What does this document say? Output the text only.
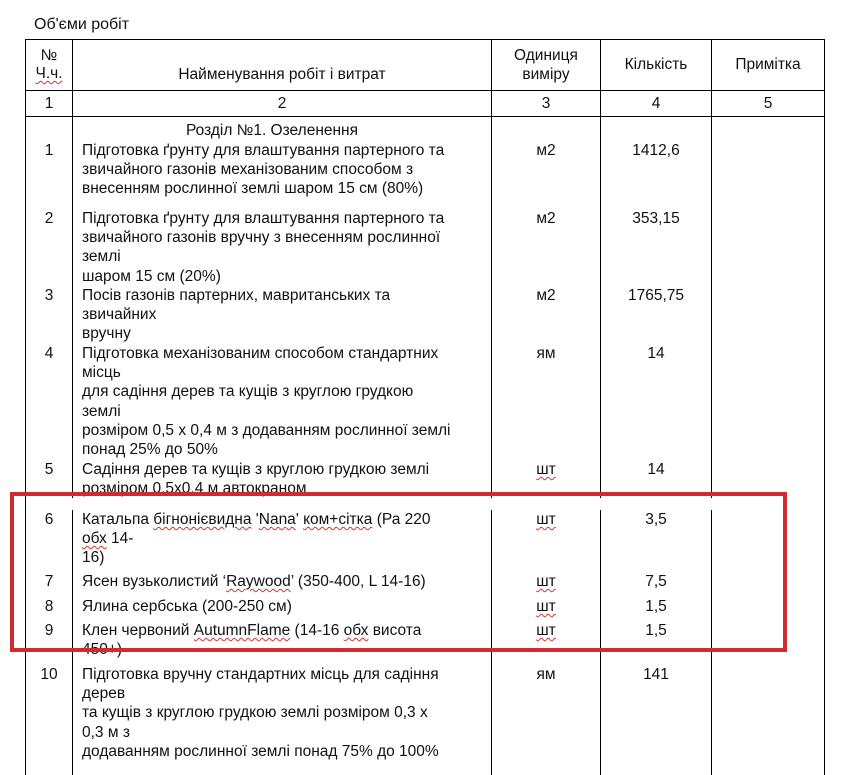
Об'єми робіт
№
Ч.ч.	Найменування робіт і витрат
Одиниця
виміру
Кількість	Примітка
1	2	3	4	5
Розділ №1. Озеленення
1	Підготовка ґрунту для влаштування партерного та
звичайного газонів механізованим способом з
внесенням рослинної землі шаром 15 см (80%)
м2	1412,6
2	Підготовка ґрунту для влаштування партерного та
звичайного газонів вручну з внесенням рослинної
землі
шаром 15 см (20%)
м2	353,15
3	Посів газонів партерних, мавританських та
звичайних
вручну
м2	1765,75
4	Підготовка механізованим способом стандартних
місць
для садіння дерев та кущів з круглою грудкою
землі
розміром 0,5 х 0,4 м з додаванням рослинної землі
понад 25% до 50%
ям	14
5	Садіння дерев та кущів з круглою грудкою землі
розміром 0,5х0,4 м автокраном
шт	14
6	Катальпа бігнонієвидна 'Nana' ком+сітка (Ра 220
обх 14-
16)
шт	3,5
7	Ясен вузьколистий ‘Raywood’ (350-400, L 14-16)	шт	7,5
8	Ялина сербська (200-250 см)	шт	1,5
9	Клен червоний AutumnFlame (14-16 обх висота
450+)
шт	1,5
10	Підготовка вручну стандартних місць для садіння
дерев
та кущів з круглою грудкою землі розміром 0,3 х
0,3 м з
додаванням рослинної землі понад 75% до 100%
ям	141
